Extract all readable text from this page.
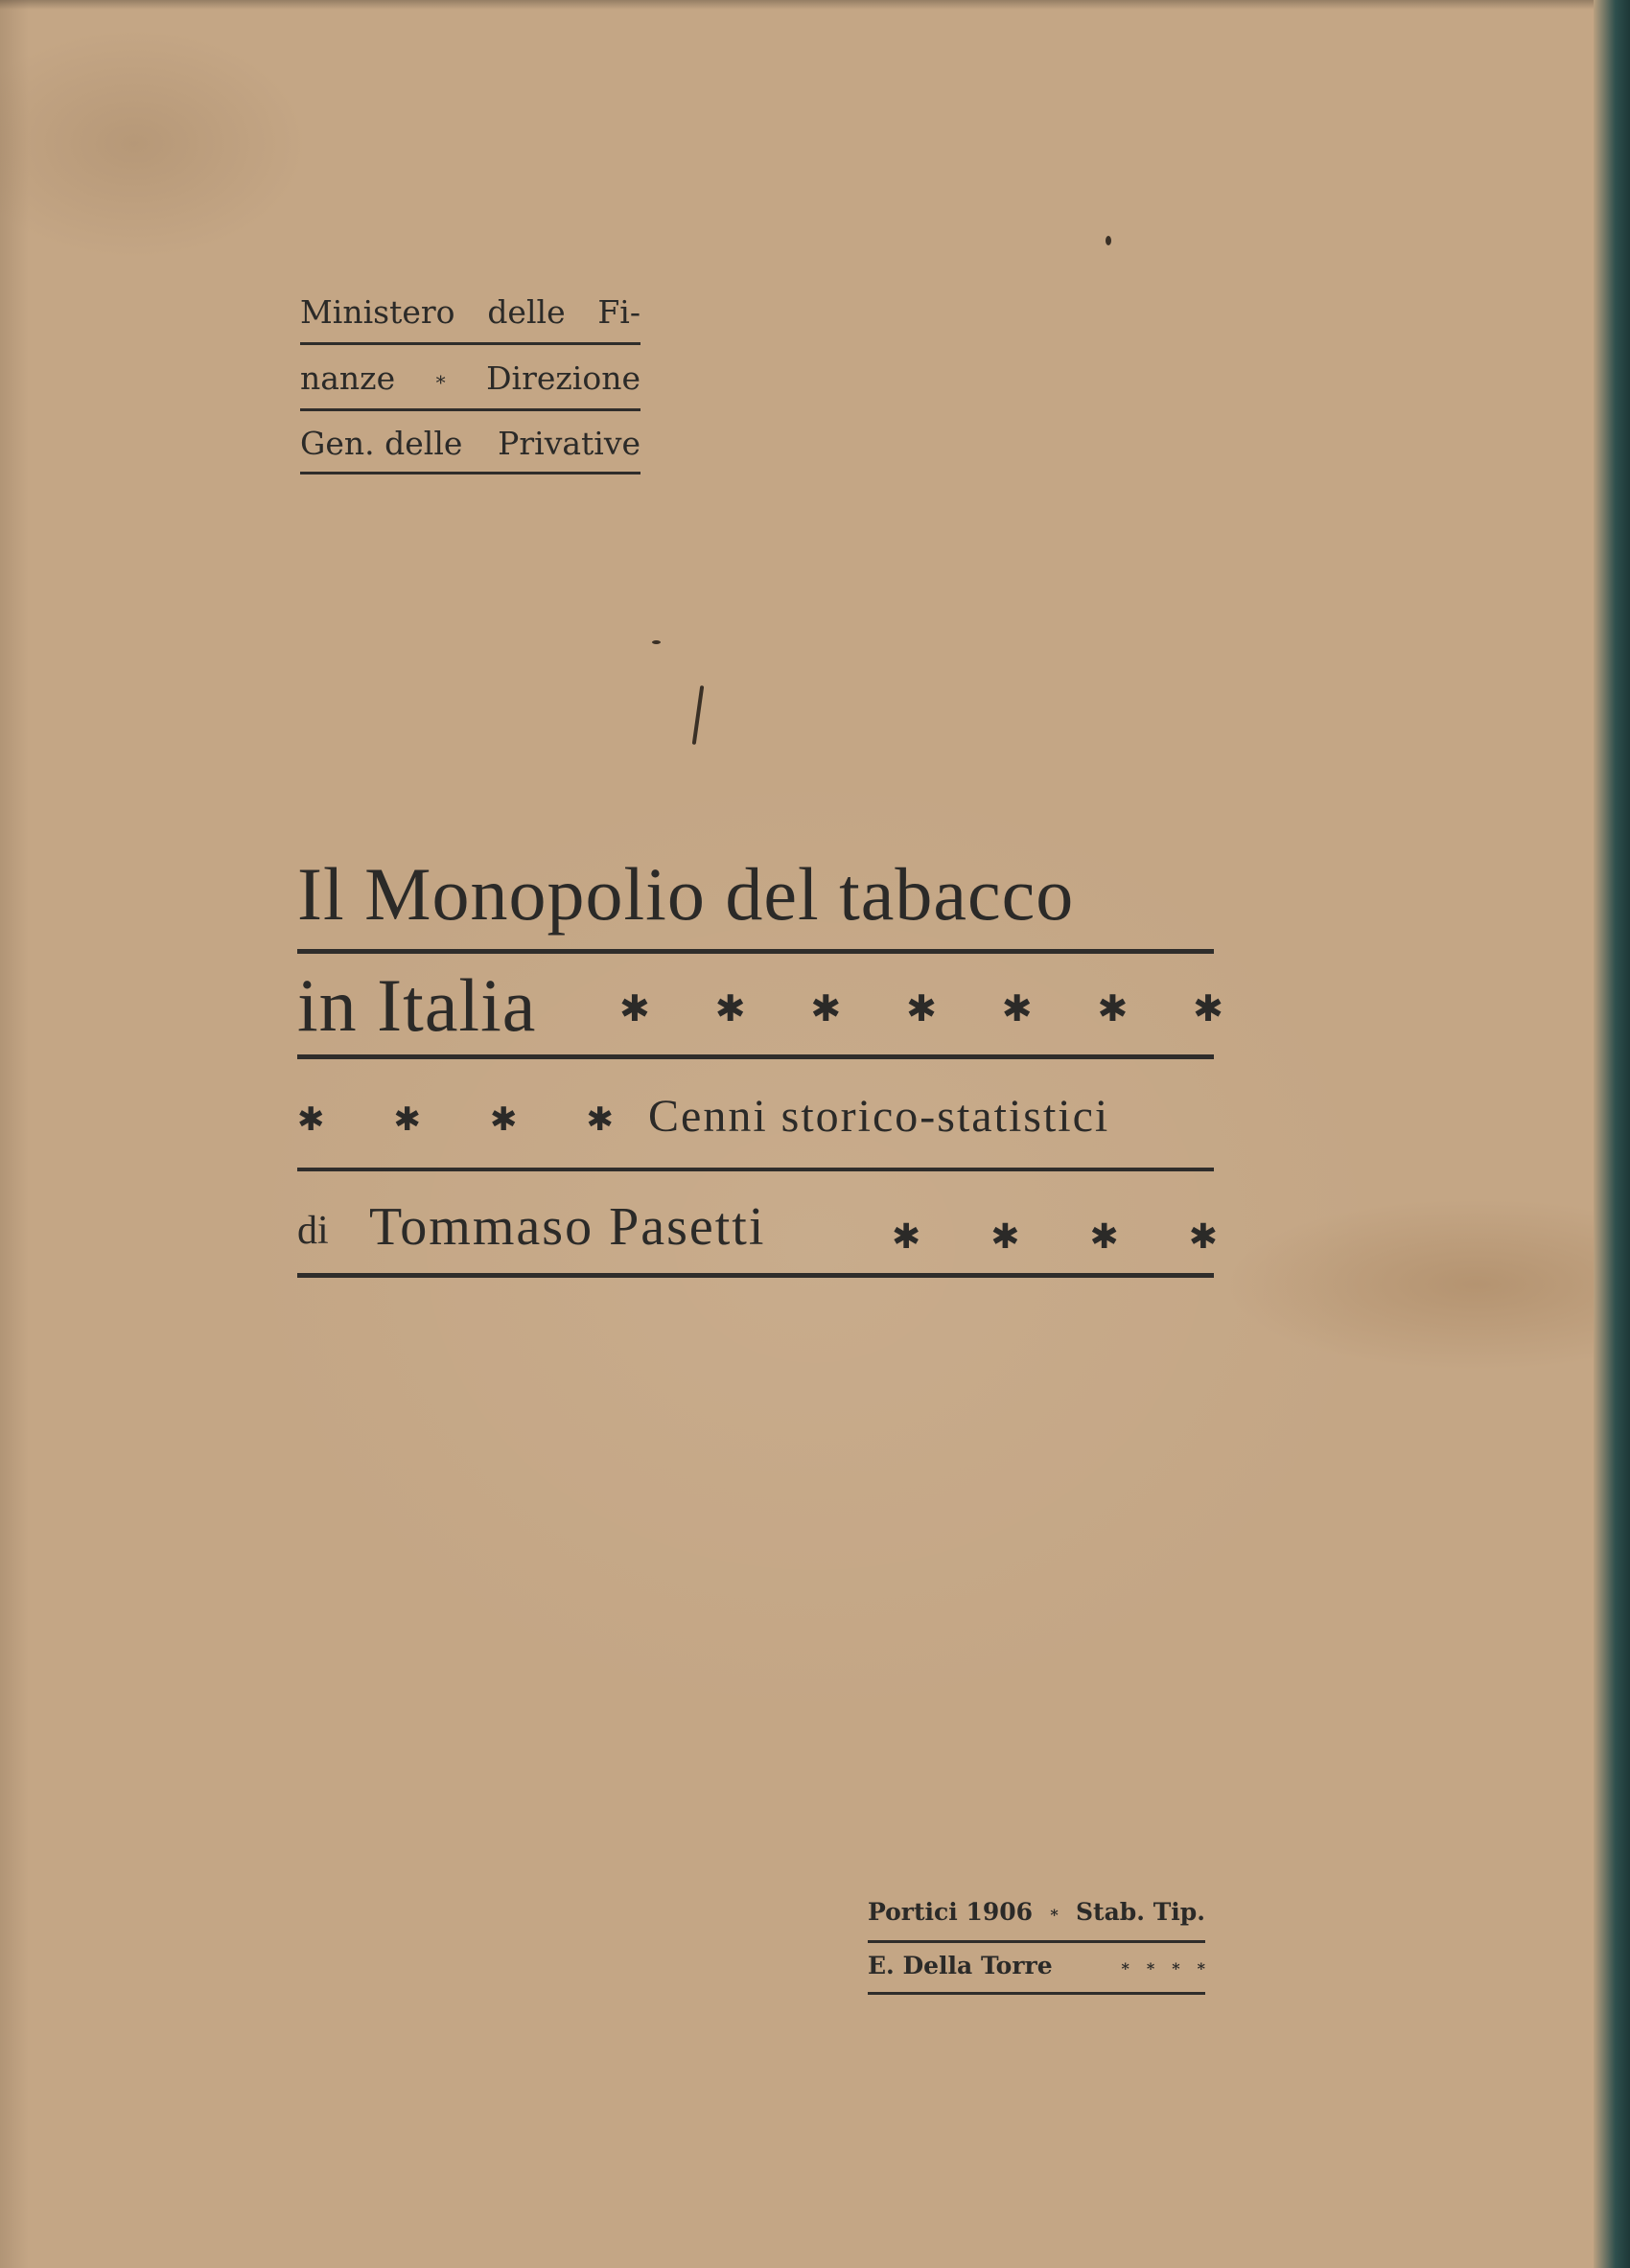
Ministero delle Fi-
nanze * Direzione
Gen. delle Privative
Il Monopolio del tabacco
in Italia	✱ ✱ ✱ ✱ ✱ ✱ ✱
✱ ✱ ✱ ✱ Cenni storico-statistici
di Tommaso Pasetti	✱ ✱ ✱ ✱
Portici 1906 * Stab. Tip.
E. Della Torre	* * * *
